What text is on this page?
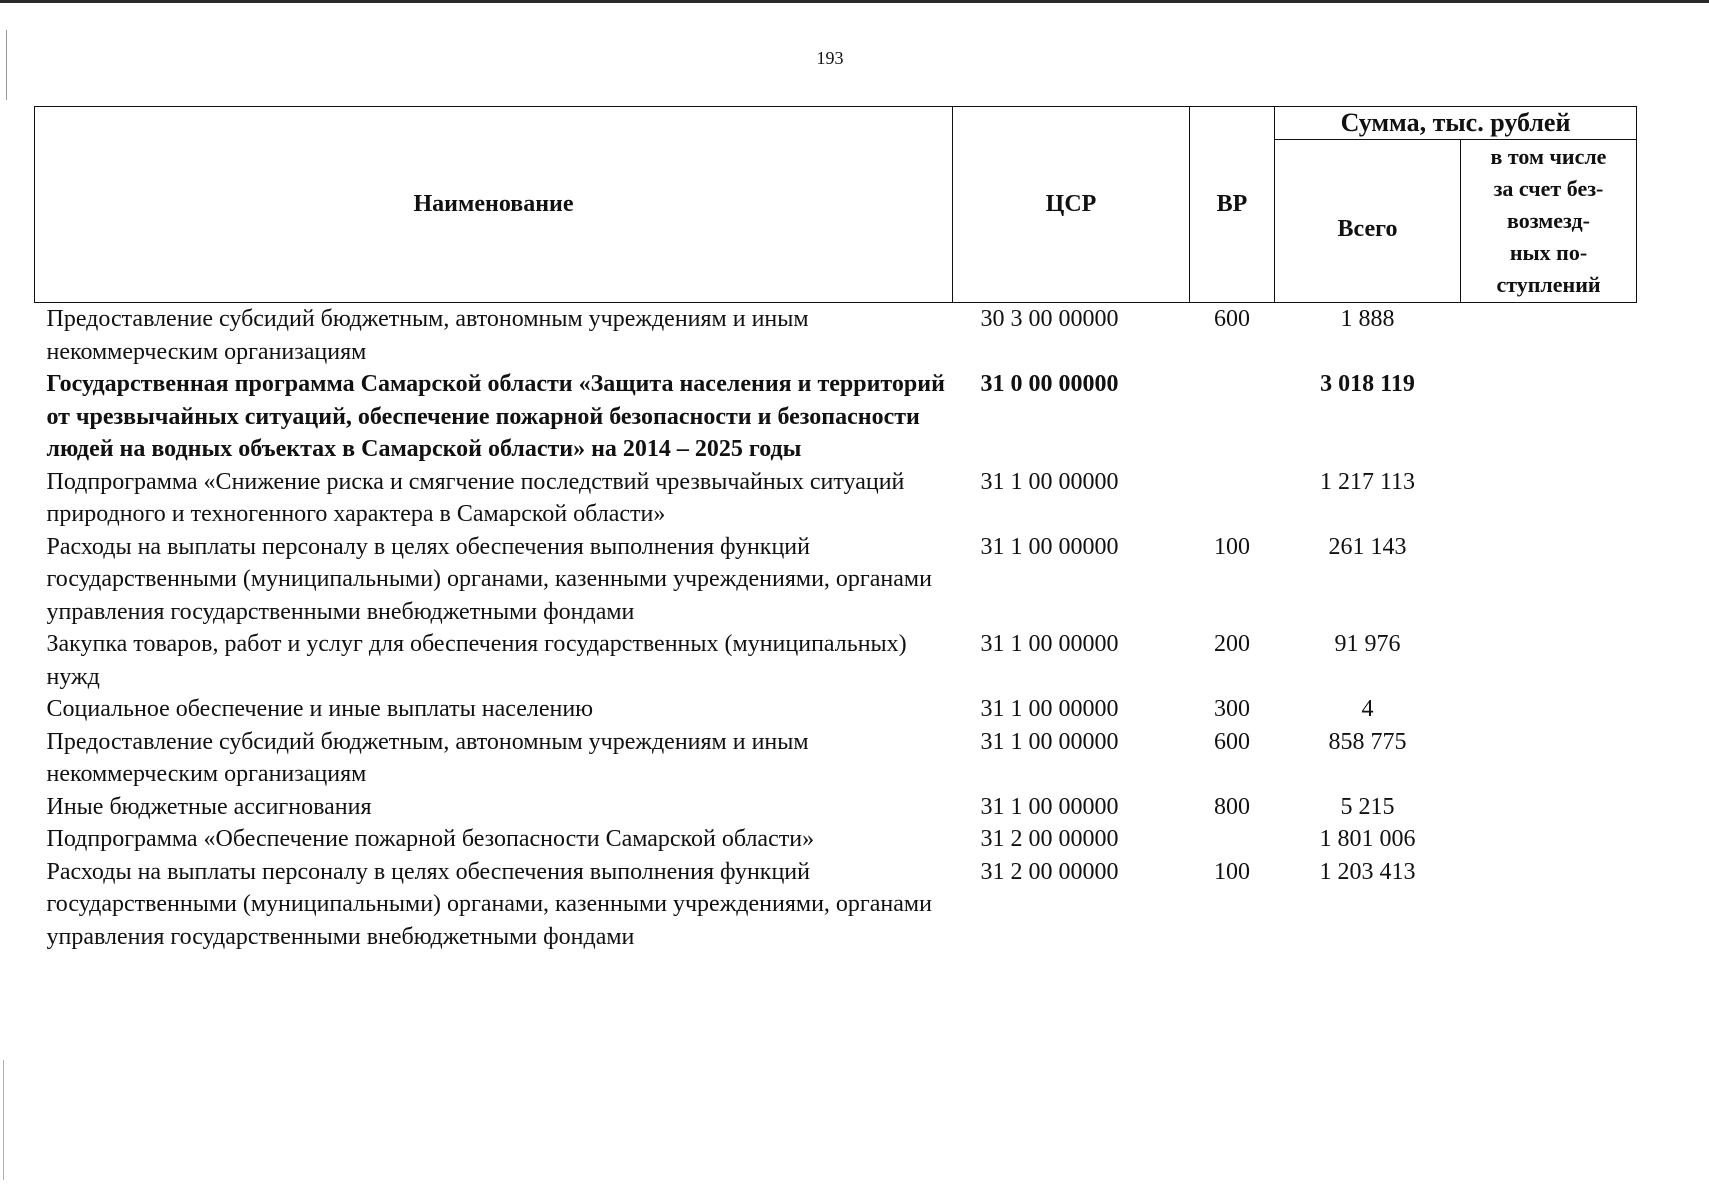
193
Наименование	ЦСР	ВР	Сумма, тыс. рублей	
			Всего	в том числе
за счет без-
возмезд-
ных по-
ступлений
Предоставление субсидий бюджетным, автономным учреждениям и иным некоммерческим организациям	30 3 00 00000	600	1 888	
Государственная программа Самарской области «Защита населения и территорий от чрезвычайных ситуаций, обеспечение пожарной безопасности и безопасности людей на водных объектах в Самарской области» на 2014 – 2025 годы	31 0 00 00000		3 018 119	
Подпрограмма «Снижение риска и смягчение последствий чрезвычайных ситуаций природного и техногенного характера в Самарской области»	31 1 00 00000		1 217 113	
Расходы на выплаты персоналу в целях обеспечения выполнения функций государственными (муниципальными) органами, казенными учреждениями, органами управления государственными внебюджетными фондами	31 1 00 00000	100	261 143	
Закупка товаров, работ и услуг для обеспечения государственных (муниципальных) нужд	31 1 00 00000	200	91 976	
Социальное обеспечение и иные выплаты населению	31 1 00 00000	300	4	
Предоставление субсидий бюджетным, автономным учреждениям и иным некоммерческим организациям	31 1 00 00000	600	858 775	
Иные бюджетные ассигнования	31 1 00 00000	800	5 215	
Подпрограмма «Обеспечение пожарной безопасности Самарской области»	31 2 00 00000		1 801 006	
Расходы на выплаты персоналу в целях обеспечения выполнения функций государственными (муниципальными) органами, казенными учреждениями, органами управления государственными внебюджетными фондами	31 2 00 00000	100	1 203 413	
